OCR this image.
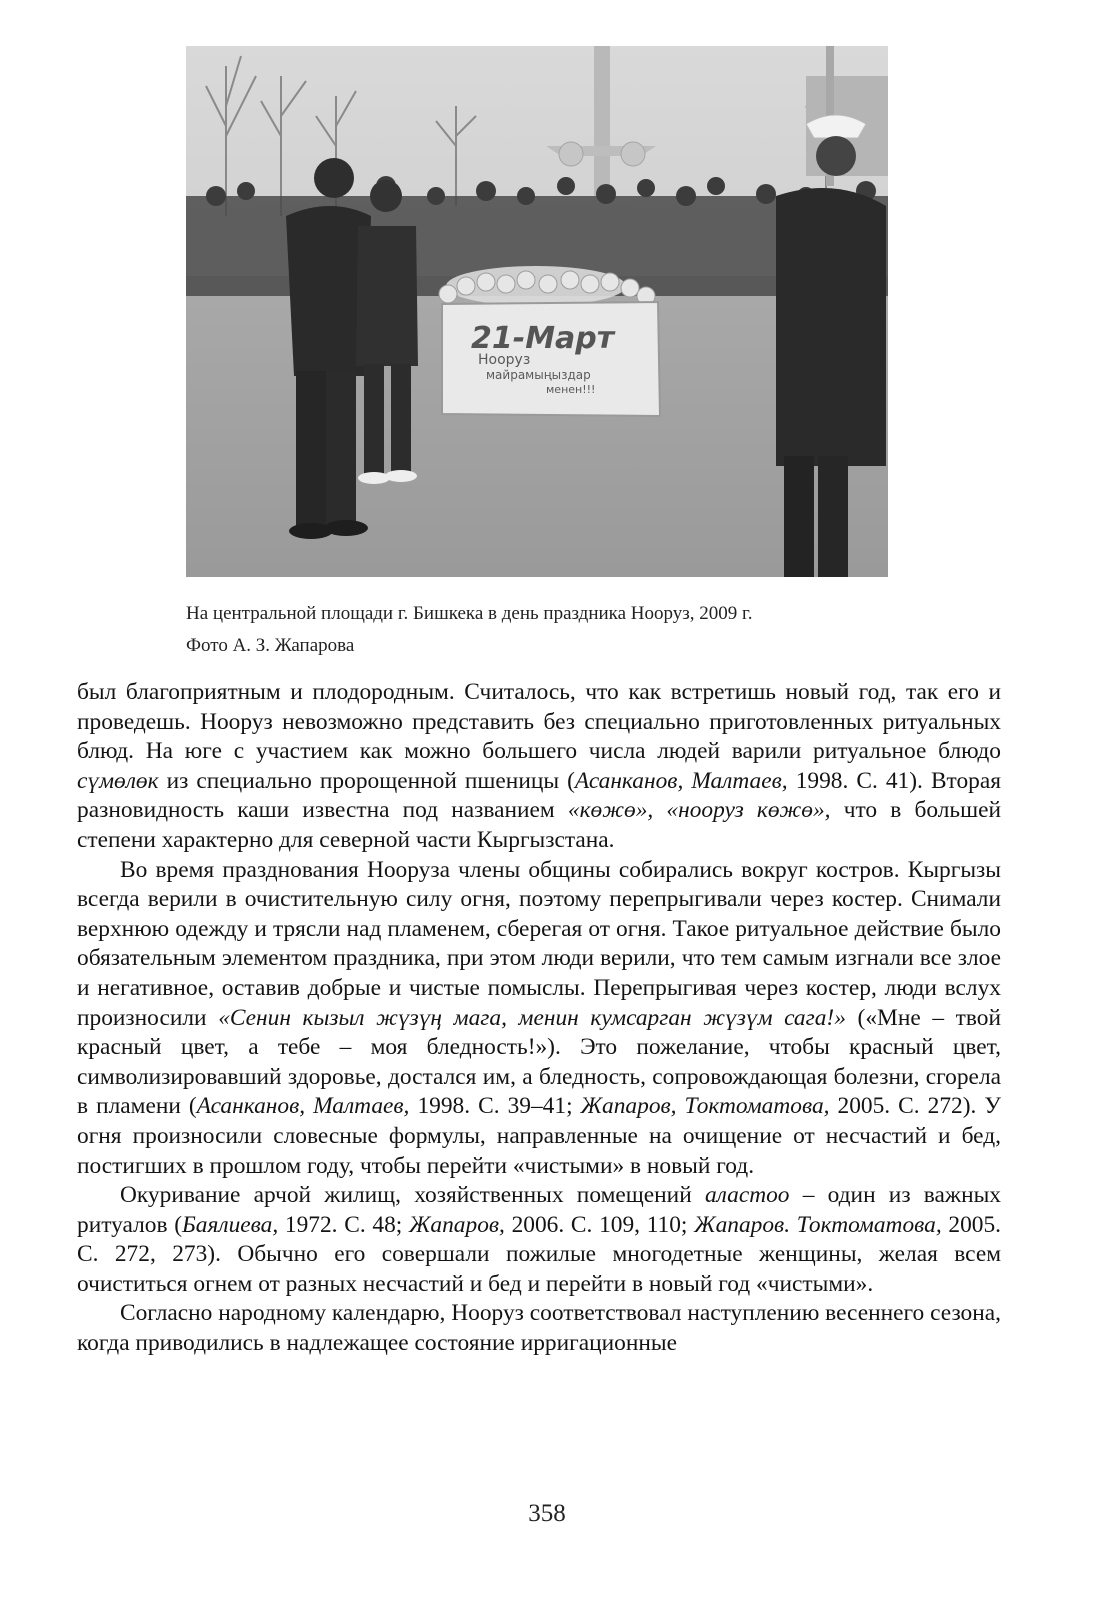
21-Март
Нооруз
майрамыңыздар
менен!!!
На центральной площади г. Бишкека в день праздника Нооруз, 2009 г.
Фото А. З. Жапарова

был благоприятным и плодородным. Считалось, что как встретишь новый год, так его и проведешь. Нооруз невозможно представить без специально приготовленных ритуальных блюд. На юге с участием как можно большего числа людей варили ритуальное блюдо сүмөлөк из специально пророщенной пшеницы (Асанканов, Малтаев, 1998. С. 41). Вторая разновидность каши известна под названием «көжө», «нооруз көжө», что в большей степени характерно для северной части Кыргызстана.

Во время празднования Нооруза члены общины собирались вокруг костров. Кыргызы всегда верили в очистительную силу огня, поэтому перепрыгивали через костер. Снимали верхнюю одежду и трясли над пламенем, сберегая от огня. Такое ритуальное действие было обязательным элементом праздника, при этом люди верили, что тем самым изгнали все злое и негативное, оставив добрые и чистые помыслы. Перепрыгивая через костер, люди вслух произносили «Сенин кызыл жүзүң мага, менин кумсарган жүзүм сага!» («Мне – твой красный цвет, а тебе – моя бледность!»). Это пожелание, чтобы красный цвет, символизировавший здоровье, достался им, а бледность, сопровождающая болезни, сгорела в пламени (Асанканов, Малтаев, 1998. С. 39–41; Жапаров, Токтоматова, 2005. С. 272). У огня произносили словесные формулы, направленные на очищение от несчастий и бед, постигших в прошлом году, чтобы перейти «чистыми» в новый год.

Окуривание арчой жилищ, хозяйственных помещений аластоо – один из важных ритуалов (Баялиева, 1972. С. 48; Жапаров, 2006. С. 109, 110; Жапаров. Токтоматова, 2005. С. 272, 273). Обычно его совершали пожилые многодетные женщины, желая всем очиститься огнем от разных несчастий и бед и перейти в новый год «чистыми».

Согласно народному календарю, Нооруз соответствовал наступлению весеннего сезона, когда приводились в надлежащее состояние ирригационные

358
